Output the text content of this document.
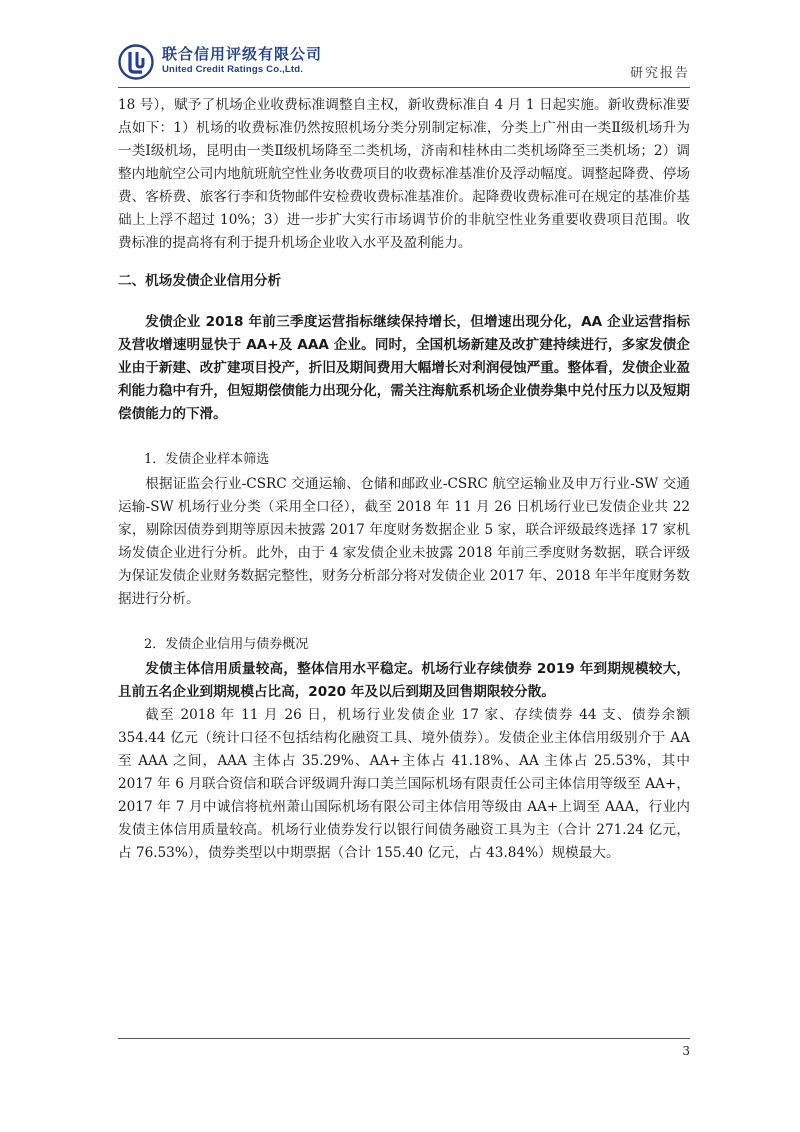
联合信用评级有限公司
United Credit Ratings Co.,Ltd.	研究报告

18 号），赋予了机场企业收费标准调整自主权，新收费标准自 4 月 1 日起实施。新收费标准要点如下：1）机场的收费标准仍然按照机场分类分别制定标准，分类上广州由一类Ⅱ级机场升为一类Ⅰ级机场，昆明由一类Ⅱ级机场降至二类机场，济南和桂林由二类机场降至三类机场；2）调整内地航空公司内地航班航空性业务收费项目的收费标准基准价及浮动幅度。调整起降费、停场费、客桥费、旅客行李和货物邮件安检费收费标准基准价。起降费收费标准可在规定的基准价基础上上浮不超过 10%；3）进一步扩大实行市场调节价的非航空性业务重要收费项目范围。收费标准的提高将有利于提升机场企业收入水平及盈利能力。

二、机场发债企业信用分析

发债企业 2018 年前三季度运营指标继续保持增长，但增速出现分化，AA 企业运营指标及营收增速明显快于 AA+及 AAA 企业。同时，全国机场新建及改扩建持续进行，多家发债企业由于新建、改扩建项目投产，折旧及期间费用大幅增长对利润侵蚀严重。整体看，发债企业盈利能力稳中有升，但短期偿债能力出现分化，需关注海航系机场企业债券集中兑付压力以及短期偿债能力的下滑。

1．发债企业样本筛选

根据证监会行业-CSRC 交通运输、仓储和邮政业-CSRC 航空运输业及申万行业-SW 交通运输-SW 机场行业分类（采用全口径），截至 2018 年 11 月 26 日机场行业已发债企业共 22 家，剔除因债券到期等原因未披露 2017 年度财务数据企业 5 家，联合评级最终选择 17 家机场发债企业进行分析。此外，由于 4 家发债企业未披露 2018 年前三季度财务数据，联合评级为保证发债企业财务数据完整性，财务分析部分将对发债企业 2017 年、2018 年半年度财务数据进行分析。

2．发债企业信用与债券概况

发债主体信用质量较高，整体信用水平稳定。机场行业存续债券 2019 年到期规模较大，且前五名企业到期规模占比高，2020 年及以后到期及回售期限较分散。

截至 2018 年 11 月 26 日，机场行业发债企业 17 家、存续债券 44 支、债券余额 354.44 亿元（统计口径不包括结构化融资工具、境外债券）。发债企业主体信用级别介于 AA 至 AAA 之间，AAA 主体占 35.29%、AA+主体占 41.18%、AA 主体占 25.53%，其中 2017 年 6 月联合资信和联合评级调升海口美兰国际机场有限责任公司主体信用等级至 AA+，2017 年 7 月中诚信将杭州萧山国际机场有限公司主体信用等级由 AA+上调至 AAA，行业内发债主体信用质量较高。机场行业债券发行以银行间债务融资工具为主（合计 271.24 亿元，占 76.53%），债券类型以中期票据（合计 155.40 亿元，占 43.84%）规模最大。

3
